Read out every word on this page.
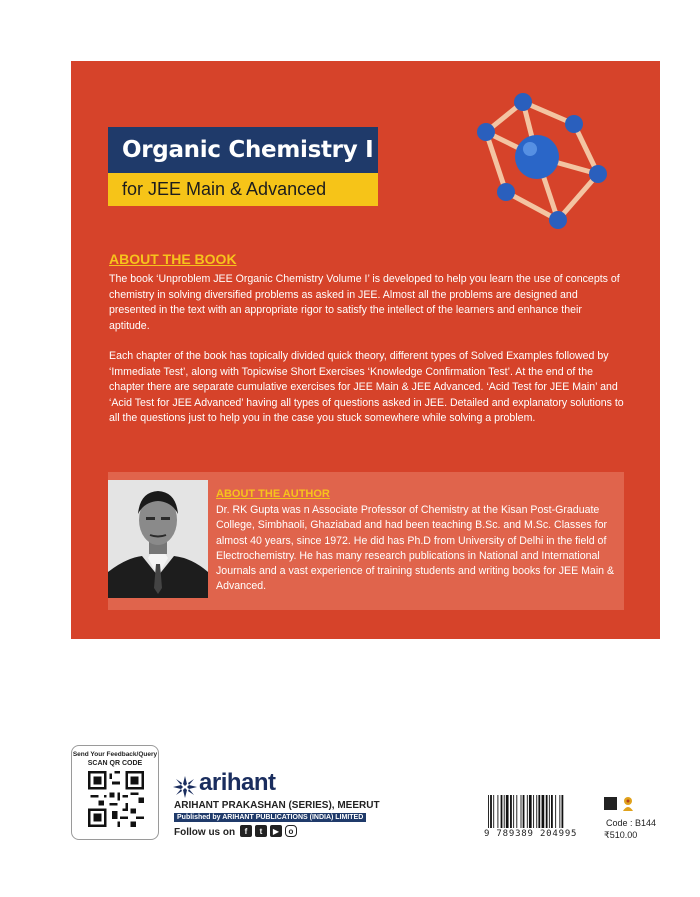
Organic Chemistry I
for JEE Main & Advanced
ABOUT THE BOOK

The book ‘Unproblem JEE Organic Chemistry Volume I’ is developed to help you learn the use of concepts of chemistry in solving diversified problems as asked in JEE. Almost all the problems are designed and presented in the text with an appropriate rigor to satisfy the intellect of the learners and enhance their aptitude.

Each chapter of the book has topically divided quick theory, different types of Solved Examples followed by ‘Immediate Test’, along with Topicwise Short Exercises ‘Knowledge Confirmation Test’. At the end of the chapter there are separate cumulative exercises for JEE Main & JEE Advanced. ‘Acid Test for JEE Main’ and ‘Acid Test for JEE Advanced’ having all types of questions asked in JEE. Detailed and explanatory solutions to all the questions just to help you in the case you stuck somewhere while solving a problem.

ABOUT THE AUTHOR

Dr. RK Gupta was n Associate Professor of Chemistry at the Kisan Post-Graduate College, Simbhaoli, Ghaziabad and had been teaching B.Sc. and M.Sc. Classes for almost 40 years, since 1972. He did has Ph.D from University of Delhi in the field of Electrochemistry. He has many research publications in National and International Journals and a vast experience of training students and writing books for JEE Main & Advanced.

Send Your Feedback/Query
SCAN QR CODE
arihant
ARIHANT PRAKASHAN (SERIES), MEERUT
Published by ARIHANT PUBLICATIONS (INDIA) LIMITED
Follow us on	f	t	▶	o	9 789389 204995
Code : B144
₹510.00
